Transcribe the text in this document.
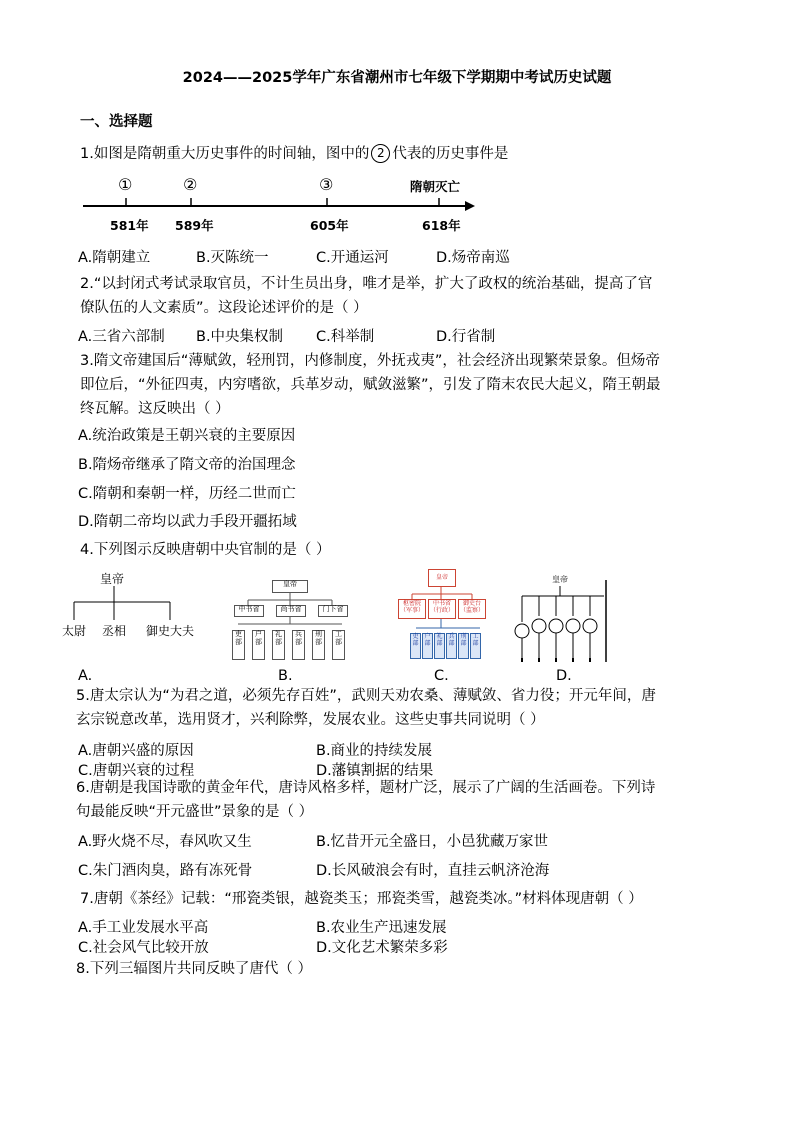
2024——2025学年广东省潮州市七年级下学期期中考试历史试题
一、选择题
1.如图是隋朝重大历史事件的时间轴，图中的 2 代表的历史事件是
①	②	③	隋朝灭亡
581年 589年	605年	618年
A.隋朝建立	B.灭陈统一	C.开通运河	D.炀帝南巡
2.“以封闭式考试录取官员，不计生员出身，唯才是举，扩大了政权的统治基础，提高了官
僚队伍的人文素质”。这段论述评价的是（ ）
A.三省六部制 B.中央集权制 C.科举制	D.行省制
3.隋文帝建国后“薄赋敛，轻刑罚，内修制度，外抚戎夷”，社会经济出现繁荣景象。但炀帝
即位后，“外征四夷，内穷嗜欲，兵革岁动，赋敛滋繁”，引发了隋末农民大起义，隋王朝最
终瓦解。这反映出（ ）
A.统治政策是王朝兴衰的主要原因
B.隋炀帝继承了隋文帝的治国理念
C.隋朝和秦朝一样，历经二世而亡
D.隋朝二帝均以武力手段开疆拓域
4.下列图示反映唐朝中央官制的是（ ）
皇帝
太尉 丞相 御史大夫
皇帝
中书省	尚书省	门下省
吏部
户部
礼部
兵部
刑部
工部
皇帝
枢密院（军事）
中书省（行政）
御史台（监察）
吏部
户部
礼部
兵部
刑部
工部
皇帝
A.	B.	C.	D.
5.唐太宗认为“为君之道，必须先存百姓”，武则天劝农桑、薄赋敛、省力役；开元年间，唐
玄宗锐意改革，选用贤才，兴利除弊，发展农业。这些史事共同说明（ ）
A.唐朝兴盛的原因	B.商业的持续发展
C.唐朝兴衰的过程	D.藩镇割据的结果
6.唐朝是我国诗歌的黄金年代，唐诗风格多样，题材广泛，展示了广阔的生活画卷。下列诗
句最能反映“开元盛世”景象的是（ ）
A.野火烧不尽，春风吹又生	B.忆昔开元全盛日，小邑犹藏万家世
C.朱门酒肉臭，路有冻死骨	D.长风破浪会有时，直挂云帆济沧海
7.唐朝《茶经》记载：“邢瓷类银，越瓷类玉；邢瓷类雪，越瓷类冰。”材料体现唐朝（ ）
A.手工业发展水平高	B.农业生产迅速发展
C.社会风气比较开放	D.文化艺术繁荣多彩
8.下列三辐图片共同反映了唐代（ ）
